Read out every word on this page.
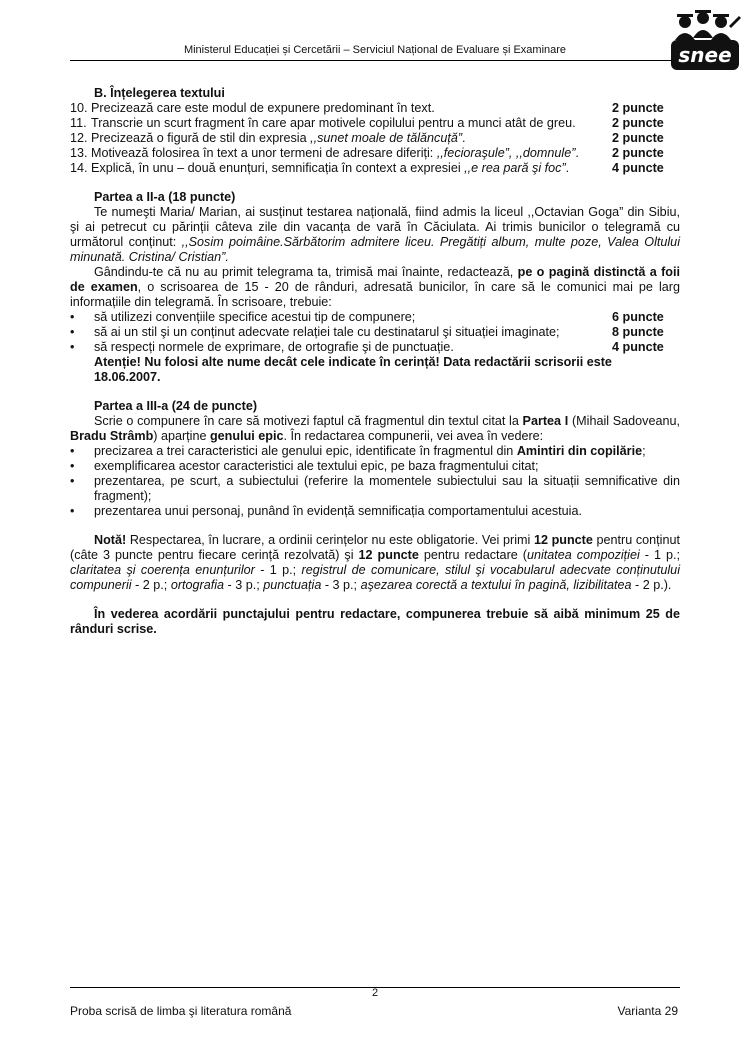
Ministerul Educației și Cercetării – Serviciul Național de Evaluare și Examinare	snee
B. Înțelegerea textului
10. Precizează care este modul de expunere predominant în text.	2 puncte
11. Transcrie un scurt fragment în care apar motivele copilului pentru a munci atât de greu.	2 puncte
12. Precizează o figură de stil din expresia ,,sunet moale de tălăncuță”.	2 puncte
13. Motivează folosirea în text a unor termeni de adresare diferiți: ,,fecioraşule”, ,,domnule”.	2 puncte
14. Explică, în unu – două enunțuri, semnificația în context a expresiei ,,e rea pară şi foc”.	4 puncte
Partea a II-a (18 puncte)
Te numeşti Maria/ Marian, ai susținut testarea națională, fiind admis la liceul ,,Octavian Goga” din Sibiu, şi ai petrecut cu părinții câteva zile din vacanța de vară în Căciulata. Ai trimis bunicilor o telegramă cu următorul conținut: ,,Sosim poimâine.Sărbătorim admitere liceu. Pregătiți album, multe poze, Valea Oltului minunată. Cristina/ Cristian”.
Gândindu-te că nu au primit telegrama ta, trimisă mai înainte, redactează, pe o pagină distinctă a foii de examen, o scrisoarea de 15 - 20 de rânduri, adresată bunicilor, în care să le comunici mai pe larg informațiile din telegramă. În scrisoare, trebuie:
•	să utilizezi convențiile specifice acestui tip de compunere;	6 puncte
•	să ai un stil şi un conținut adecvate relației tale cu destinatarul şi situației imaginate;	8 puncte
•	să respecți normele de exprimare, de ortografie şi de punctuație.	4 puncte
Atenție! Nu folosi alte nume decât cele indicate în cerință! Data redactării scrisorii este 18.06.2007.
Partea a III-a (24 de puncte)
Scrie o compunere în care să motivezi faptul că fragmentul din textul citat la Partea I (Mihail Sadoveanu, Bradu Strâmb) aparține genului epic. În redactarea compunerii, vei avea în vedere:
•	precizarea a trei caracteristici ale genului epic, identificate în fragmentul din Amintiri din copilărie;
•	exemplificarea acestor caracteristici ale textului epic, pe baza fragmentului citat;
•	prezentarea, pe scurt, a subiectului (referire la momentele subiectului sau la situații semnificative din fragment);
•	prezentarea unui personaj, punând în evidență semnificația comportamentului acestuia.
Notă! Respectarea, în lucrare, a ordinii cerințelor nu este obligatorie. Vei primi 12 puncte pentru conținut (câte 3 puncte pentru fiecare cerință rezolvată) şi 12 puncte pentru redactare (unitatea compoziției - 1 p.; claritatea şi coerența enunțurilor - 1 p.; registrul de comunicare, stilul şi vocabularul adecvate conținutului compunerii - 2 p.; ortografia - 3 p.; punctuația - 3 p.; aşezarea corectă a textului în pagină, lizibilitatea - 2 p.).
În vederea acordării punctajului pentru redactare, compunerea trebuie să aibă minimum 25 de rânduri scrise.
2
Proba scrisă de limba şi literatura română	Varianta 29
